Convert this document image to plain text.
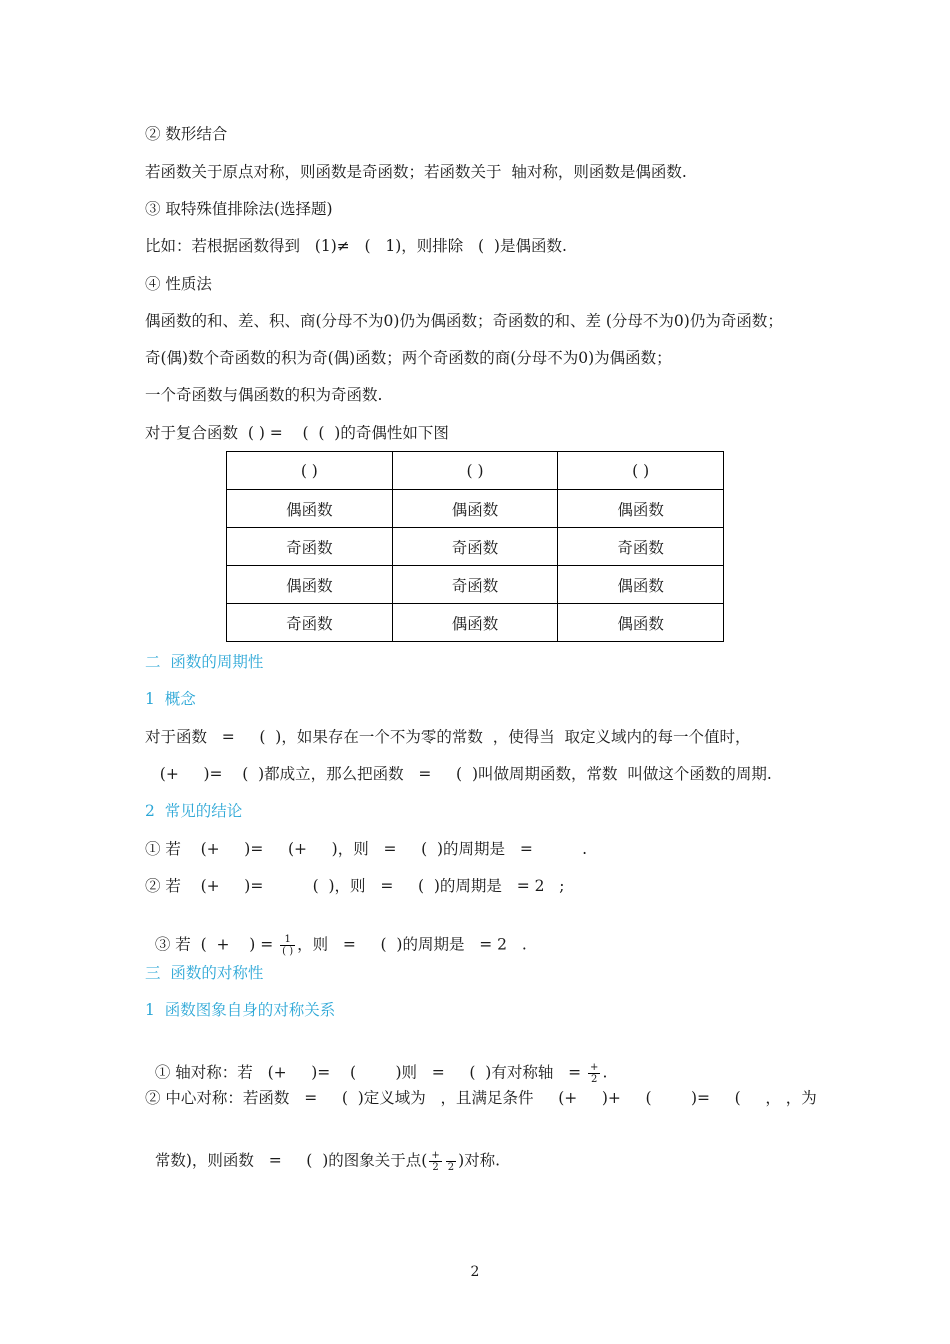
② 数形结合
若函数关于原点对称，则函数是奇函数；若函数关于  轴对称，则函数是偶函数.
③ 取特殊值排除法(选择题)
比如：若根据函数得到   (1)≠   (   1)，则排除   (  )是偶函数.
④ 性质法
偶函数的和、差、积、商(分母不为0)仍为偶函数；奇函数的和、差 (分母不为0)仍为奇函数；
奇(偶)数个奇函数的积为奇(偶)函数；两个奇函数的商(分母不为0)为偶函数；
一个奇函数与偶函数的积为奇函数.
对于复合函数  ( ) =    (  (  )的奇偶性如下图
( )	( )	( )
偶函数	偶函数	偶函数
奇函数	奇函数	奇函数
偶函数	奇函数	偶函数
奇函数	偶函数	偶函数
二  函数的周期性
1  概念
对于函数   =     (  )，如果存在一个不为零的常数  ，使得当  取定义域内的每一个值时，
(+     )=    (  )都成立，那么把函数   =     (  )叫做周期函数，常数  叫做这个函数的周期.
2  常见的结论
① 若    (+     )=     (+     )，则   =     (  )的周期是   =          .
② 若    (+     )=          (  )，则   =     (  )的周期是   = 2   ;

③ 若  (  +    ) = $\frac{1}{( )}$ ，则   =     (  )的周期是   = 2   .

三  函数的对称性
1  函数图象自身的对称关系

① 轴对称：若   (+     )=    (        )则   =     (  )有对称轴   = $\frac{+}{2}$ .

② 中心对称：若函数   =     (  )定义域为   ，且满足条件     (+     )+     (        )=     (     ， ，为

常数)，则函数   =     (  )的图象关于点( $\frac{+}{2}$
2 )对称.

2
